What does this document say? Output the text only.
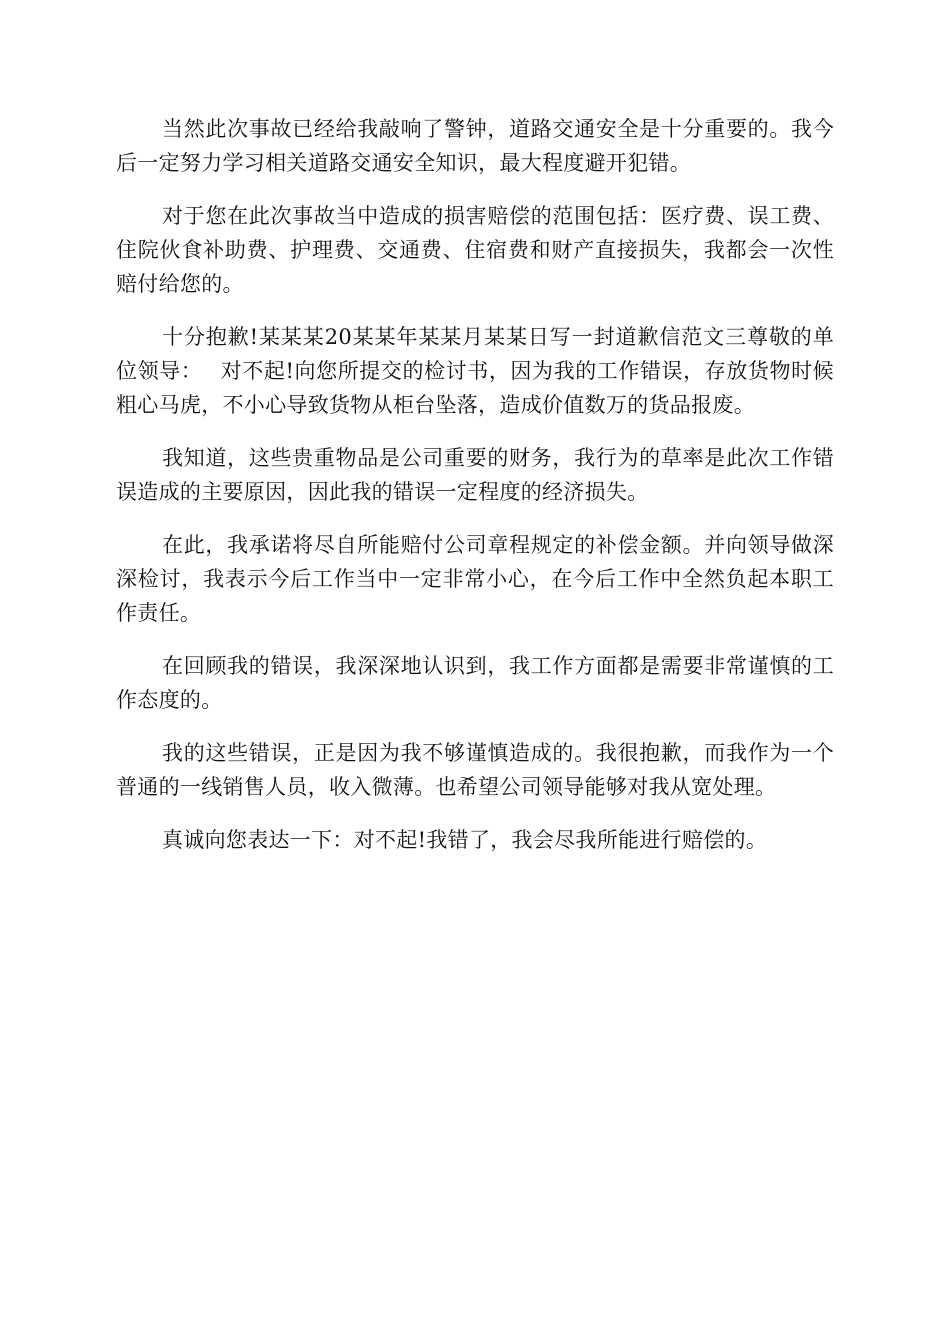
当然此次事故已经给我敲响了警钟，道路交通安全是十分重要的。我今后一定努力学习相关道路交通安全知识，最大程度避开犯错。

对于您在此次事故当中造成的损害赔偿的范围包括：医疗费、误工费、住院伙食补助费、护理费、交通费、住宿费和财产直接损失，我都会一次性赔付给您的。

十分抱歉!某某某20某某年某某月某某日写一封道歉信范文三尊敬的单位领导：　 对不起!向您所提交的检讨书，因为我的工作错误，存放货物时候粗心马虎，不小心导致货物从柜台坠落，造成价值数万的货品报废。

我知道，这些贵重物品是公司重要的财务，我行为的草率是此次工作错误造成的主要原因，因此我的错误一定程度的经济损失。

在此，我承诺将尽自所能赔付公司章程规定的补偿金额。并向领导做深深检讨，我表示今后工作当中一定非常小心，在今后工作中全然负起本职工作责任。

在回顾我的错误，我深深地认识到，我工作方面都是需要非常谨慎的工作态度的。

我的这些错误，正是因为我不够谨慎造成的。我很抱歉，而我作为一个普通的一线销售人员，收入微薄。也希望公司领导能够对我从宽处理。

真诚向您表达一下：对不起!我错了，我会尽我所能进行赔偿的。
